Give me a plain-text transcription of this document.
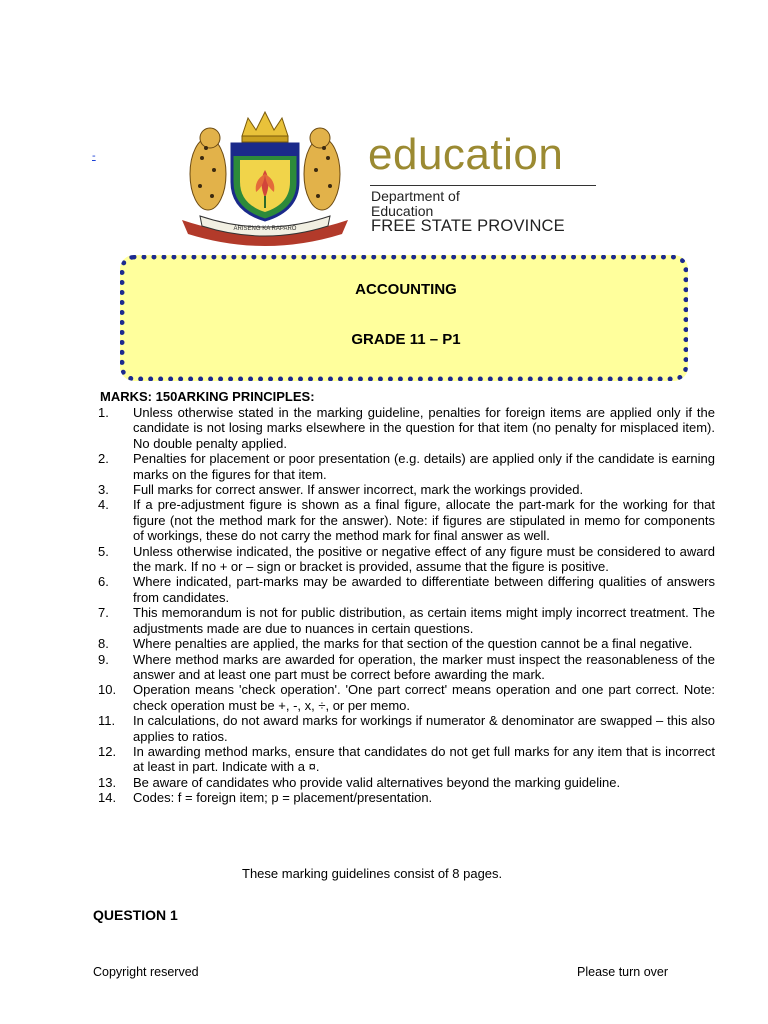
-
ARISENG KA RAPARO
education
Department of
Education
FREE STATE PROVINCE
ACCOUNTING
GRADE 11 – P1
MARKS: 150ARKING PRINCIPLES:
1.	Unless otherwise stated in the marking guideline, penalties for foreign items are applied only if the candidate is not losing marks elsewhere in the question for that item (no penalty for misplaced item). No double penalty applied.
2.	Penalties for placement or poor presentation (e.g. details) are applied only if the candidate is earning marks on the figures for that item.
3.	Full marks for correct answer. If answer incorrect, mark the workings provided.
4.	If a pre-adjustment figure is shown as a final figure, allocate the part-mark for the working for that figure (not the method mark for the answer). Note: if figures are stipulated in memo for components of workings, these do not carry the method mark for final answer as well.
5.	Unless otherwise indicated, the positive or negative effect of any figure must be considered to award the mark. If no + or – sign or bracket is provided, assume that the figure is positive.
6.	Where indicated, part-marks may be awarded to differentiate between differing qualities of answers from candidates.
7.	This memorandum is not for public distribution, as certain items might imply incorrect treatment. The adjustments made are due to nuances in certain questions.
8.	Where penalties are applied, the marks for that section of the question cannot be a final negative.
9.	Where method marks are awarded for operation, the marker must inspect the reasonableness of the answer and at least one part must be correct before awarding the mark.
10.	Operation means 'check operation'. 'One part correct' means operation and one part correct. Note: check operation must be +, -, x, ÷, or per memo.
11.	In calculations, do not award marks for workings if numerator & denominator are swapped – this also applies to ratios.
12.	In awarding method marks, ensure that candidates do not get full marks for any item that is incorrect at least in part. Indicate with a ¤.
13.	Be aware of candidates who provide valid alternatives beyond the marking guideline.
14.	Codes: f = foreign item; p = placement/presentation.
These marking guidelines consist of 8 pages.
QUESTION 1
Copyright reserved	Please turn over
